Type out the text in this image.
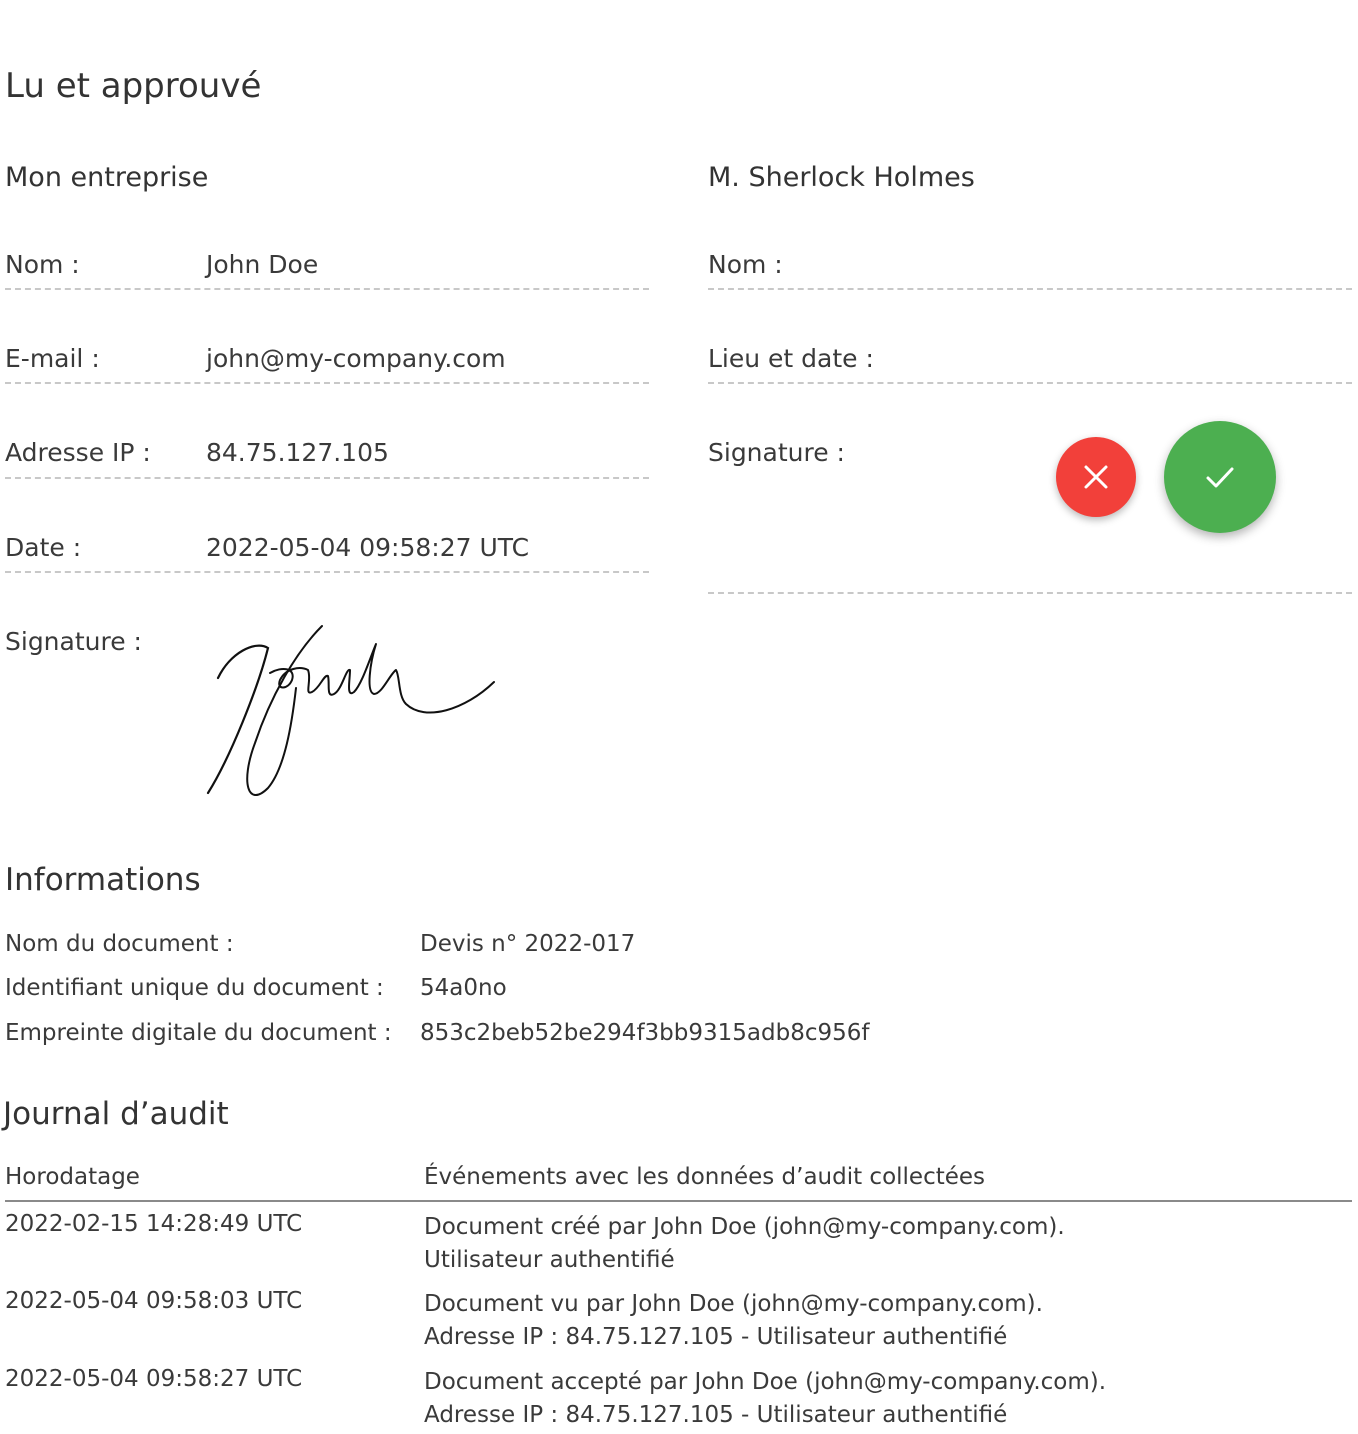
Lu et approuvé
Mon entreprise
Nom :	John Doe
E-mail :	john@my-company.com
Adresse IP : 84.75.127.105
Date :	2022-05-04 09:58:27 UTC
Signature :
M. Sherlock Holmes
Nom :
Lieu et date :
Signature :
Informations
Nom du document :	Devis n° 2022-017
Identifiant unique du document : 54a0no
Empreinte digitale du document : 853c2beb52be294f3bb9315adb8c956f
Journal d’audit
Horodatage	Événements avec les données d’audit collectées
2022-02-15 14:28:49 UTC	Document créé par John Doe (john@my-company.com).
Utilisateur authentifié
2022-05-04 09:58:03 UTC	Document vu par John Doe (john@my-company.com).
Adresse IP : 84.75.127.105 - Utilisateur authentifié
2022-05-04 09:58:27 UTC	Document accepté par John Doe (john@my-company.com).
Adresse IP : 84.75.127.105 - Utilisateur authentifié
